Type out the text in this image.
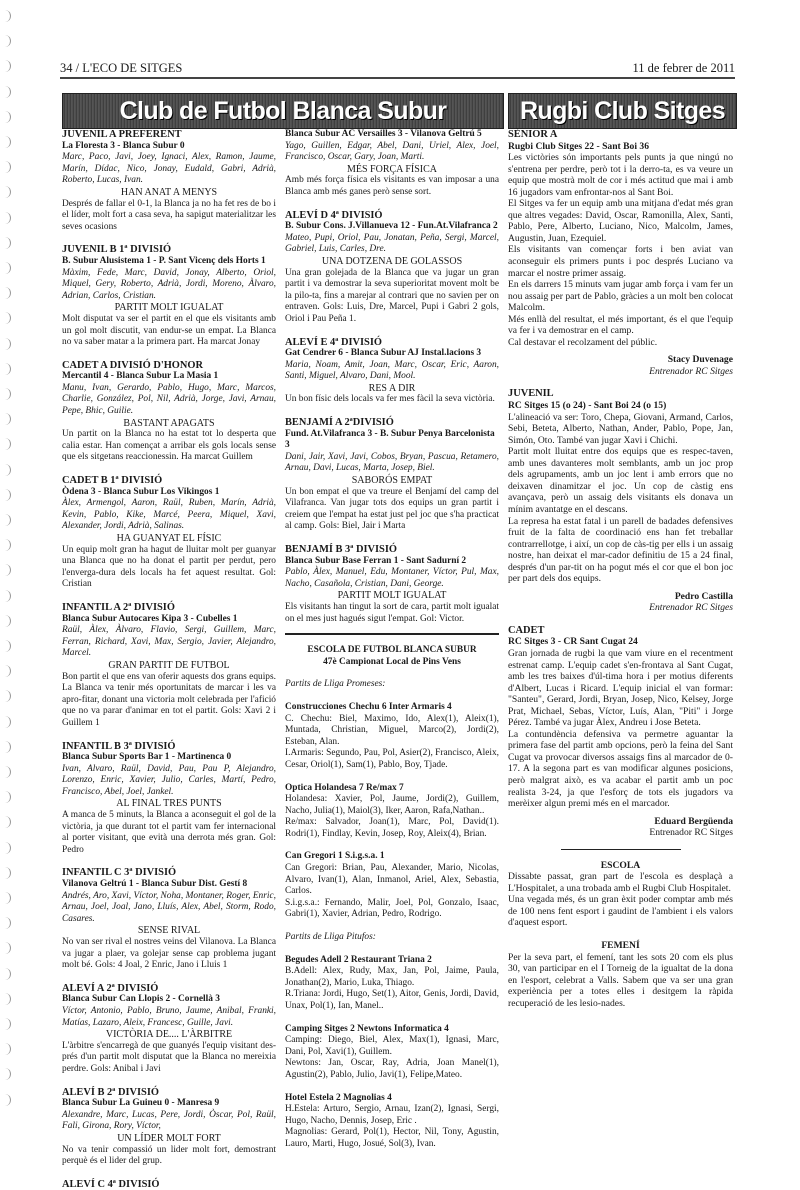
34 / L'ECO DE SITGES	11 de febrer de 2011
Club de Futbol Blanca Subur	Rugbi Club Sitges
JUVENIL A PREFERENT
La Floresta 3 - Blanca Subur 0
Marc, Paco, Javi, Joey, Ignaci, Alex, Ramon, Jaume, Marín, Dídac, Nico, Jonay, Eudald, Gabri, Adrià, Roberto, Lucas, Ivan.
HAN ANAT A MENYS
Després de fallar el 0-1, la Blanca ja no ha fet res de bo i el líder, molt fort a casa seva, ha sapigut materialitzar les seves ocasions
JUVENIL B 1ª DIVISIÓ
B. Subur Alusistema 1 - P. Sant Vicenç dels Horts 1
Màxim, Fede, Marc, David, Jonay, Alberto, Oriol, Miquel, Gery, Roberto, Adrià, Jordi, Moreno, Àlvaro, Adrian, Carlos, Cristian.
PARTIT MOLT IGUALAT
Molt disputat va ser el partit en el que els visitants amb un gol molt discutit, van endur-se un empat. La Blanca no va saber matar a la primera part. Ha marcat Jonay
CADET A DIVISIÓ D'HONOR
Mercantil 4 - Blanca Subur La Masia 1
Manu, Ivan, Gerardo, Pablo, Hugo, Marc, Marcos, Charlie, González, Pol, Nil, Adrià, Jorge, Javi, Arnau, Pepe, Bhic, Guilie.
BASTANT APAGATS
Un partit on la Blanca no ha estat tot lo desperta que calia estar. Han començat a arribar els gols locals sense que els sitgetans reaccionessin. Ha marcat Guillem
CADET B 1ª DIVISIÓ
Òdena 3 - Blanca Subur Los Vikingos 1
Àlex, Armengol, Aaron, Raül, Ruben, Marín, Adrià, Kevin, Pablo, Kike, Marcé, Peera, Miquel, Xavi, Alexander, Jordi, Adrià, Salinas.
HA GUANYAT EL FÍSIC
Un equip molt gran ha hagut de lluitar molt per guanyar una Blanca que no ha donat el partit per perdut, pero l'enverga-dura dels locals ha fet aquest resultat. Gol: Cristian
INFANTIL A 2ª DIVISIÓ
Blanca Subur Autocares Kipa 3 - Cubelles 1
Raül, Àlex, Àlvaro, Flavio, Sergi, Guillem, Marc, Ferran, Richard, Xavi, Max, Sergio, Javier, Alejandro, Marcel.
GRAN PARTIT DE FUTBOL
Bon partit el que ens van oferir aquests dos grans equips. La Blanca va tenir més oportunitats de marcar i les va apro-fitar, donant una victoria molt celebrada per l'afició que no va parar d'animar en tot el partit. Gols: Xavi 2 i Guillem 1
INFANTIL B 3ª DIVISIÓ
Blanca Subur Sports Bar 1 - Martinenca 0
Ivan, Alvaro, Raül, David, Pau, Pau P, Alejandro, Lorenzo, Enric, Xavier, Julio, Carles, Martí, Pedro, Francisco, Abel, Joel, Jankel.
AL FINAL TRES PUNTS
A manca de 5 minuts, la Blanca a aconseguit el gol de la victòria, ja que durant tot el partit vam fer internacional al porter visitant, que evità una derrota més gran. Gol: Pedro
INFANTIL C 3ª DIVISIÓ
Vilanova Geltrú 1 - Blanca Subur Dist. Gestí 8
Andrés, Aro, Xavi, Víctor, Noha, Montaner, Roger, Enric, Arnau, Joel, Joal, Jano, Lluís, Alex, Abel, Storm, Rodo, Casares.
SENSE RIVAL
No van ser rival el nostres veins del Vilanova. La Blanca va jugar a plaer, va golejar sense cap problema jugant molt bé. Gols: 4 Joal, 2 Enric, Jano i Lluis 1
ALEVÍ A 2ª DIVISIÓ
Blanca Subur Can Llopis 2 - Cornellà 3
Víctor, Antonio, Pablo, Bruno, Jaume, Anibal, Franki, Matías, Lazaro, Aleix, Francesc, Guille, Javi.
VICTÒRIA DE.... L'ÀRBITRE
L'àrbitre s'encarregà de que guanyés l'equip visitant des-prés d'un partit molt disputat que la Blanca no mereixia perdre. Gols: Anibal i Javi
ALEVÍ B 2ª DIVISIÓ
Blanca Subur La Guineu 0 - Manresa 9
Alexandre, Marc, Lucas, Pere, Jordi, Òscar, Pol, Raül, Fali, Girona, Rory, Víctor,
UN LÍDER MOLT FORT
No va tenir compassió un lider molt fort, demostrant perquè és el lider del grup.
ALEVÍ C 4ª DIVISIÓ
Blanca Subur AC Versailles 3 - Vilanova Geltrú 5
Yago, Guillen, Edgar, Abel, Dani, Uriel, Alex, Joel, Francisco, Oscar, Gary, Joan, Marti.
MÉS FORÇA FÍSICA
Amb més força física els visitants es van imposar a una Blanca amb més ganes però sense sort.
ALEVÍ D 4ª DIVISIÓ
B. Subur Cons. J.Villanueva 12 - Fun.At.Vilafranca 2
Mateo, Pupi, Oriol, Pau, Jonatan, Peña, Sergi, Marcel, Gabriel, Luis, Carles, Dre.
UNA DOTZENA DE GOLASSOS
Una gran golejada de la Blanca que va jugar un gran partit i va demostrar la seva superioritat movent molt be la pilo-ta, fins a marejar al contrari que no savien per on entraven. Gols: Luis, Dre, Marcel, Pupi i Gabri 2 gols, Oriol i Pau Peña 1.
ALEVÍ E 4ª DIVISIÓ
Gat Cendrer 6 - Blanca Subur AJ Instal.lacions 3
Maria, Noam, Amit, Joan, Marc, Oscar, Eric, Aaron, Santi, Miguel, Alvaro, Dani, Mool.
RES A DIR
Un bon físic dels locals va fer mes fàcil la seva victòria.
BENJAMÍ A 2ªDIVISIÓ
Fund. At.Vilafranca 3 - B. Subur Penya Barcelonista 3
Dani, Jair, Xavi, Javi, Cobos, Bryan, Pascua, Retamero, Arnau, Davi, Lucas, Marta, Josep, Biel.
SABORÓS EMPAT
Un bon empat el que va treure el Benjamí del camp del Vilafranca. Van jugar tots dos equips un gran partit i creiem que l'empat ha estat just pel joc que s'ha practicat al camp. Gols: Biel, Jair i Marta
BENJAMÍ B 3ª DIVISIÓ
Blanca Subur Base Ferran 1 - Sant Sadurní 2
Pablo, Àlex, Manuel, Edu, Montaner, Víctor, Pul, Max, Nacho, Casañola, Cristian, Dani, George.
PARTIT MOLT IGUALAT
Els visitants han tingut la sort de cara, partit molt igualat on el mes just hagués sigut l'empat. Gol: Victor.
ESCOLA DE FUTBOL BLANCA SUBUR
47è Campionat Local de Pins Vens
Partits de Lliga Promeses:
Construcciones Chechu 6 Inter Armaris 4
C. Chechu: Biel, Maximo, Ido, Alex(1), Aleix(1), Muntada, Christian, Miguel, Marco(2), Jordi(2), Esteban, Alan.
I.Armaris: Segundo, Pau, Pol, Asier(2), Francisco, Aleix, Cesar, Oriol(1), Sam(1), Pablo, Boy, Tjade.
Optica Holandesa 7 Re/max 7
Holandesa: Xavier, Pol, Jaume, Jordi(2), Guillem, Nacho, Julia(1), Maiol(3), Iker, Aaron, Rafa,Nathan..
Re/max: Salvador, Joan(1), Marc, Pol, David(1). Rodri(1), Findlay, Kevin, Josep, Roy, Aleix(4), Brian.
Can Gregori 1 S.i.g.s.a. 1
Can Gregori: Brian, Pau, Alexander, Mario, Nicolas, Alvaro, Ivan(1), Alan, Inmanol, Ariel, Alex, Sebastia, Carlos.
S.i.g.s.a.: Fernando, Malir, Joel, Pol, Gonzalo, Isaac, Gabri(1), Xavier, Adrian, Pedro, Rodrigo.
Partits de Lliga Pitufos:
Begudes Adell 2 Restaurant Triana 2
B.Adell: Alex, Rudy, Max, Jan, Pol, Jaime, Paula, Jonathan(2), Mario, Luka, Thiago.
R.Triana: Jordi, Hugo, Set(1), Aitor, Genis, Jordi, David, Unax, Pol(1), Ian, Manel..
Camping Sitges 2 Newtons Informatica 4
Camping: Diego, Biel, Alex, Max(1), Ignasi, Marc, Dani, Pol, Xavi(1), Guillem.
Newtons: Jan, Oscar, Ray, Adria, Joan Manel(1), Agustin(2), Pablo, Julio, Javi(1), Felipe,Mateo.
Hotel Estela 2 Magnolias 4
H.Estela: Arturo, Sergio, Arnau, Izan(2), Ignasi, Sergi, Hugo, Nacho, Dennis, Josep, Eric .
Magnolias: Gerard, Pol(1), Hector, Nil, Tony, Agustin, Lauro, Marti, Hugo, Josué, Sol(3), Ivan.
SÈNIOR A
Rugbi Club Sitges 22 - Sant Boi 36
Les victòries són importants pels punts ja que ningú no s'entrena per perdre, però tot i la derro-ta, es va veure un equip que mostrà molt de cor i més actitud que mai i amb 16 jugadors vam enfrontar-nos al Sant Boi.
El Sitges va fer un equip amb una mitjana d'edat més gran que altres vegades: David, Oscar, Ramonilla, Alex, Santi, Pablo, Pere, Alberto, Luciano, Nico, Malcolm, James, Augustin, Juan, Ezequiel.
Els visitants van començar forts i ben aviat van aconseguir els primers punts i poc després Luciano va marcar el nostre primer assaig.
En els darrers 15 minuts vam jugar amb força i vam fer un nou assaig per part de Pablo, gràcies a un molt ben colocat Malcolm.
Més enllà del resultat, el més important, és el que l'equip va fer i va demostrar en el camp.
Cal destavar el recolzament del públic.
Stacy Duvenage
Entrenador RC Sitges
JUVENIL
RC Sitges 15 (o 24) - Sant Boi 24 (o 15)
L'alineació va ser: Toro, Chepa, Giovani, Armand, Carlos, Sebi, Beteta, Alberto, Nathan, Ander, Pablo, Pope, Jan, Simón, Oto. També van jugar Xavi i Chichi.
Partit molt lluitat entre dos equips que es respec-taven, amb unes davanteres molt semblants, amb un joc prop dels agrupaments, amb un joc lent i amb errors que no deixaven dinamitzar el joc. Un cop de càstig ens avançava, però un assaig dels visitants els donava un mínim avantatge en el descans.
La represa ha estat fatal i un parell de badades defensives fruit de la falta de coordinació ens han fet treballar contrarrellotge, i així, un cop de càs-tig per ells i un assaig nostre, han deixat el mar-cador definitiu de 15 a 24 final, després d'un par-tit on ha pogut més el cor que el bon joc per part dels dos equips.
Pedro Castilla
Entrenador RC Sitges
CADET
RC Sitges 3 - CR Sant Cugat 24
Gran jornada de rugbi la que vam viure en el recentment estrenat camp. L'equip cadet s'en-frontava al Sant Cugat, amb les tres baixes d'úl-tima hora i per motius diferents d'Albert, Lucas i Ricard. L'equip inicial el van formar: "Santeu", Gerard, Jordi, Bryan, Josep, Nico, Kelsey, Jorge Prat, Michael, Sebas, Víctor, Luís, Alan, "Piti" i Jorge Pérez. També va jugar Àlex, Andreu i Jose Beteta.
La contundència defensiva va permetre aguantar la primera fase del partit amb opcions, però la feina del Sant Cugat va provocar diversos assaigs fins al marcador de 0-17. A la segona part es van modificar algunes posicions, però malgrat això, es va acabar el partit amb un poc realista 3-24, ja que l'esforç de tots els jugadors va merèixer algun premi més en el marcador.
Eduard Bergüenda
Entrenador RC Sitges
ESCOLA
Dissabte passat, gran part de l'escola es desplaçà a L'Hospitalet, a una trobada amb el Rugbi Club Hospitalet.
Una vegada més, és un gran èxit poder comptar amb més de 100 nens fent esport i gaudint de l'ambient i els valors d'aquest esport.
FEMENÍ
Per la seva part, el femení, tant les sots 20 com els plus 30, van participar en el I Torneig de la igualtat de la dona en l'esport, celebrat a Valls. Sabem que va ser una gran experiència per a totes elles i desitgem la ràpida recuperació de les lesio-nades.
